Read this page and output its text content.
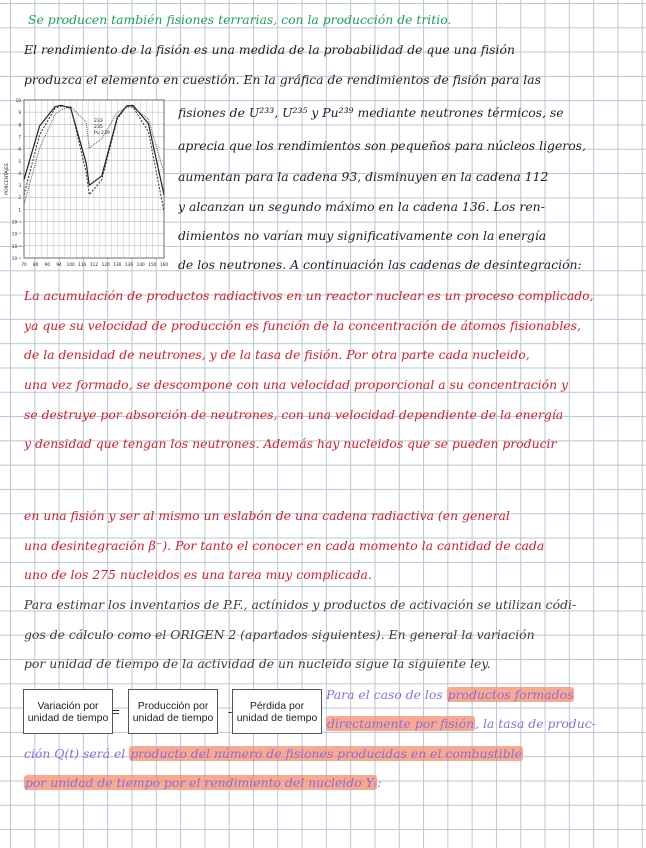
Se producen también fisiones terrarias, con la producción de tritio.
El rendimiento de la fisión es una medida de la probabilidad de que una fisión
produzca el elemento en cuestión. En la gráfica de rendimientos de fisión para las
fisiones de U²³³, U²³⁵ y Pu²³⁹ mediante neutrones térmicos, se
aprecia que los rendimientos son pequeños para núcleos ligeros,
aumentan para la cadena 93, disminuyen en la cadena 112
y alcanzan un segundo máximo en la cadena 136. Los ren-
dimientos no varían muy significativamente con la energía
de los neutrones. A continuación las cadenas de desintegración:
La acumulación de productos radiactivos en un reactor nuclear es un proceso complicado,
ya que su velocidad de producción es función de la concentración de átomos fisionables,
de la densidad de neutrones, y de la tasa de fisión. Por otra parte cada nucleido,
una vez formado, se descompone con una velocidad proporcional a su concentración y
se destruye por absorción de neutrones, con una velocidad dependiente de la energía
y densidad que tengan los neutrones. Además hay nucleidos que se pueden producir
en una fisión y ser al mismo un eslabón de una cadena radiactiva (en general
una desintegración β⁻). Por tanto el conocer en cada momento la cantidad de cada
uno de los 275 nucleidos es una tarea muy complicada.
Para estimar los inventarios de P.F., actínidos y productos de activación se utilizan códi-
gos de cálculo como el ORIGEN 2 (apartados siguientes). En general la variación
por unidad de tiempo de la actividad de un nucleido sigue la siguiente ley.
Para el caso de los productos formados
directamente por fisión, la tasa de produc-
ción Q(t) será el producto del número de fisiones producidas en el combustible
por unidad de tiempo por el rendimiento del nucleido Yᵢ:
Variación por unidad de tiempo =	Producción por unidad de tiempo	-	Pérdida por unidad de tiempo
10
9
8
7
6
5
4
3
2
1
10⁻¹
10⁻²
10⁻³
10⁻⁴
70 80 90 94 100 110 112 120 130 136 140 150 160
PORCENTAJES
233
235
Pu 239
